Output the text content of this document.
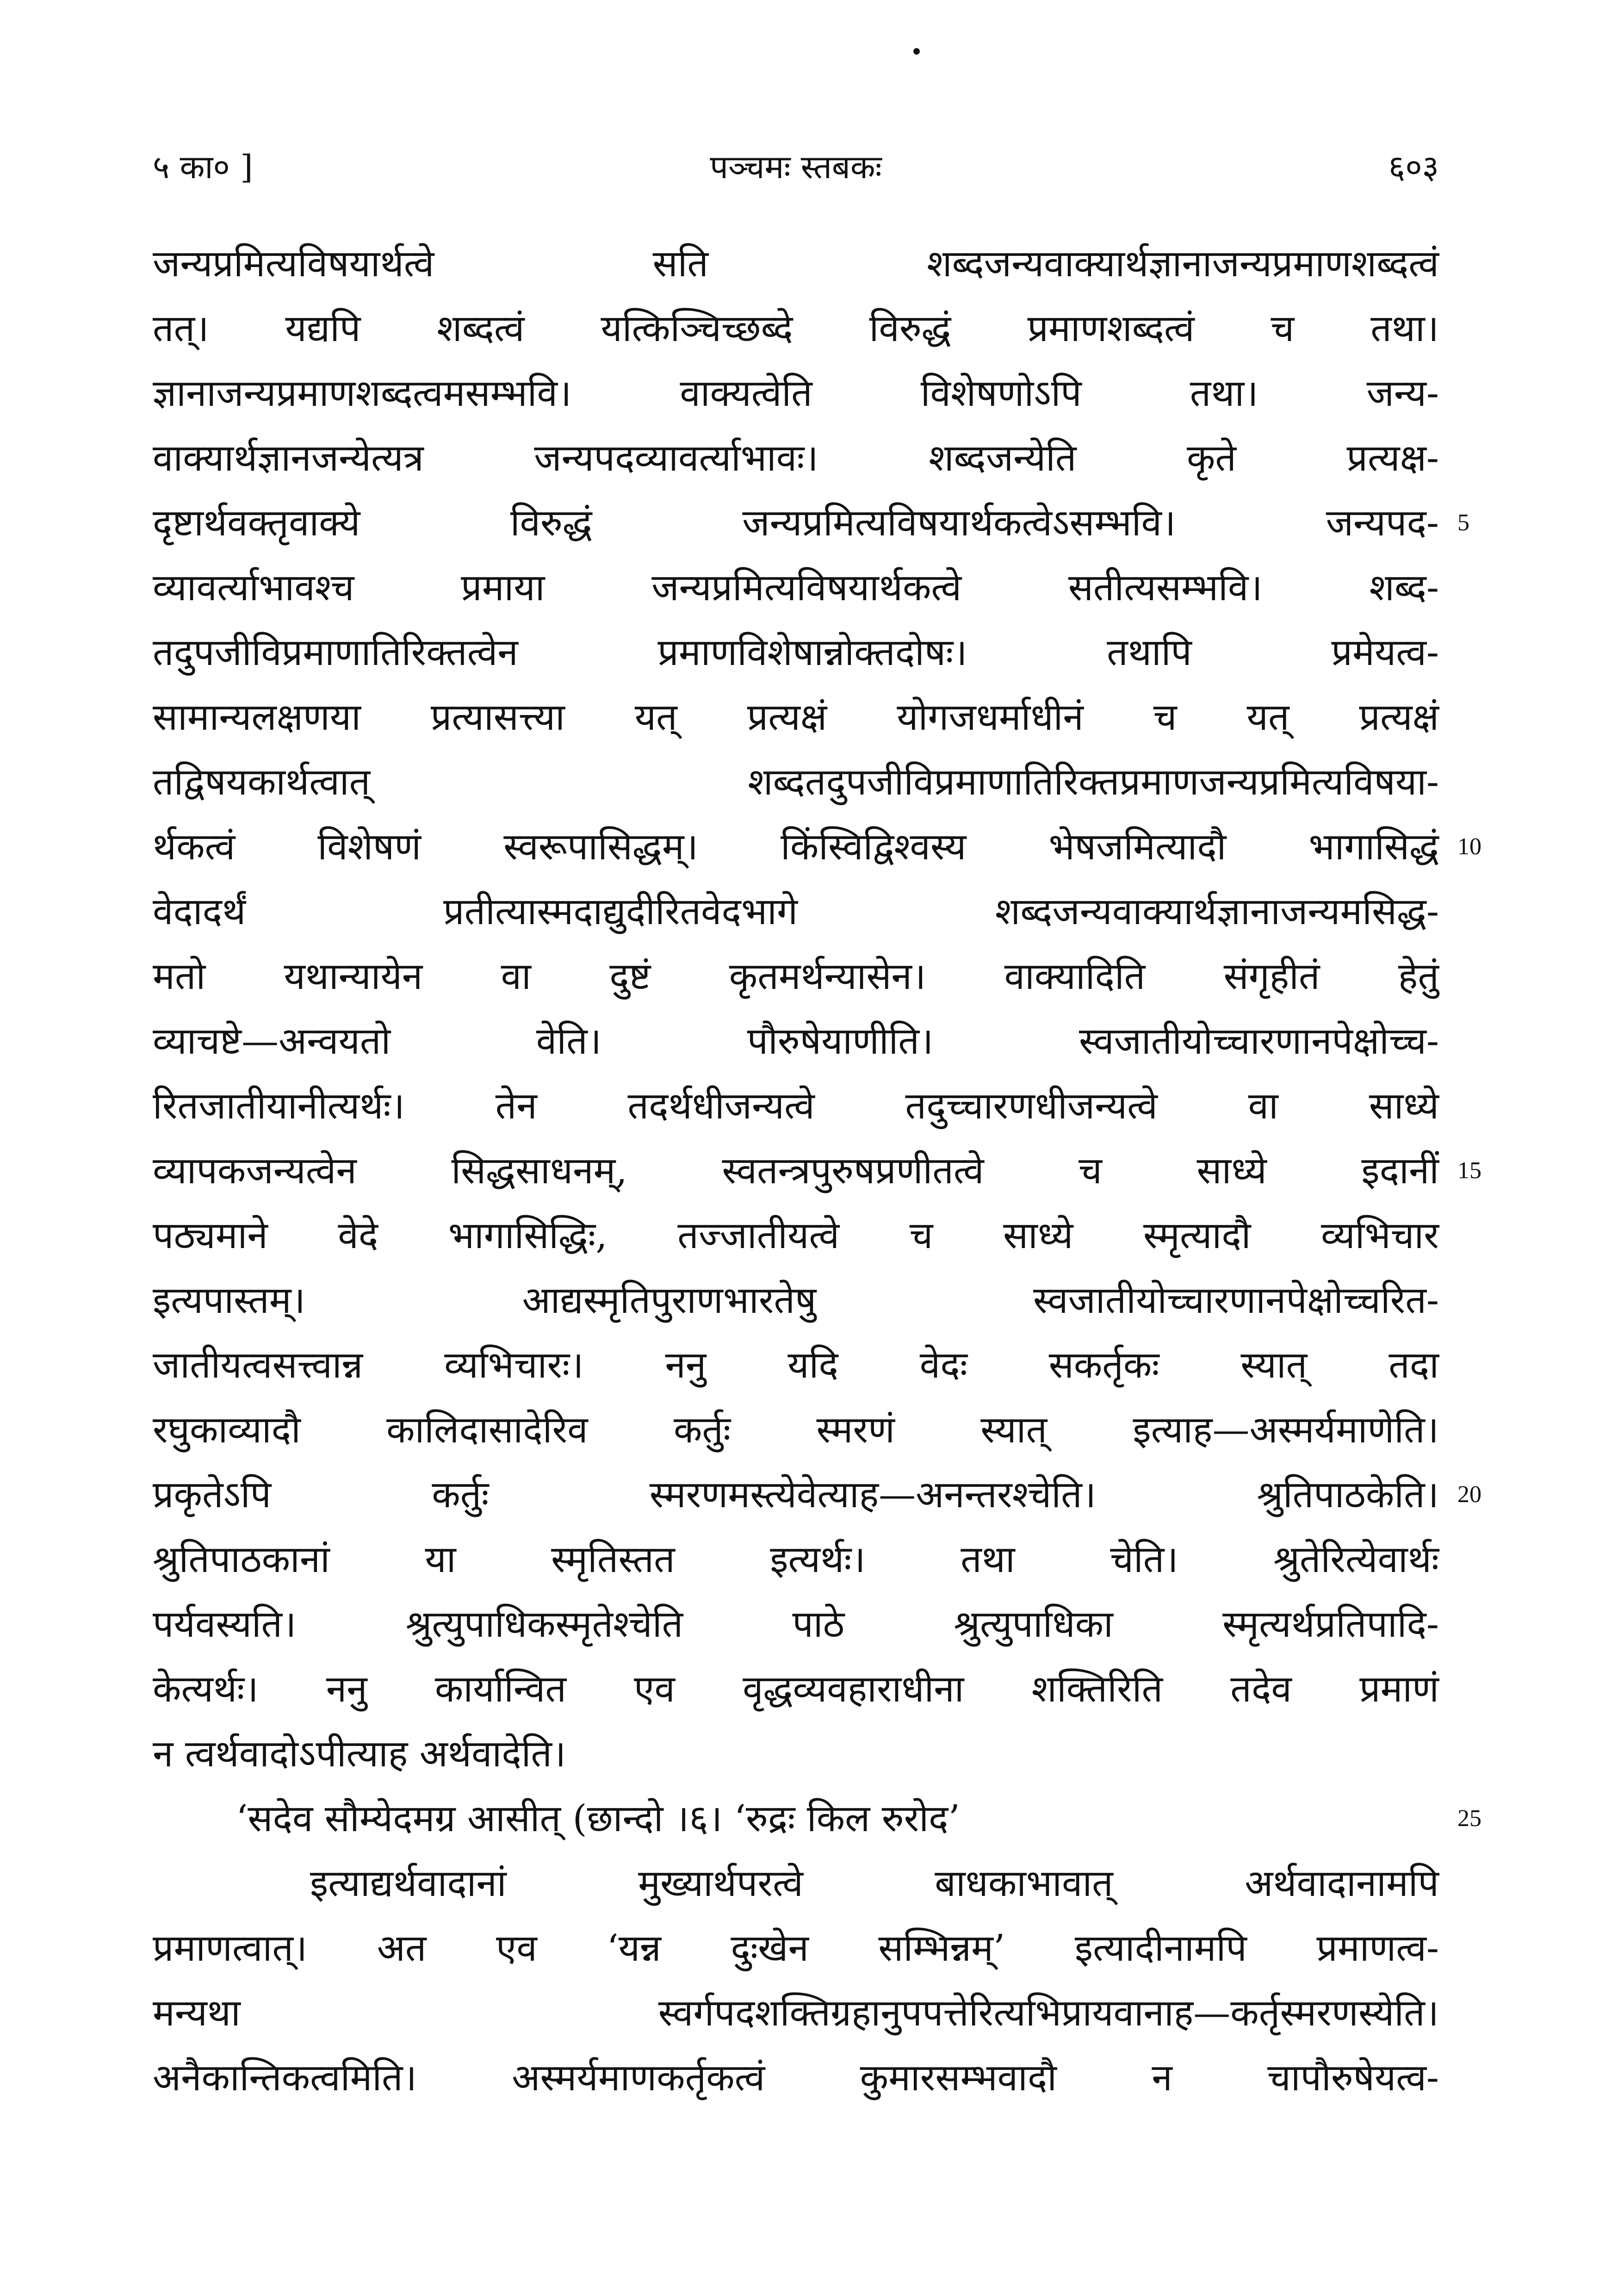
५ का० ]	पञ्चमः स्तबकः	६०३
जन्यप्रमित्यविषयार्थत्वे सति शब्दजन्यवाक्यार्थज्ञानाजन्यप्रमाणशब्दत्वं
तत्। यद्यपि शब्दत्वं यत्किञ्चिच्छब्दे विरुद्धं प्रमाणशब्दत्वं च तथा।
ज्ञानाजन्यप्रमाणशब्दत्वमसम्भवि। वाक्यत्वेति विशेषणोऽपि तथा। जन्य-
वाक्यार्थज्ञानजन्येत्यत्र जन्यपदव्यावर्त्याभावः। शब्दजन्येति कृते प्रत्यक्ष-
दृष्टार्थवक्तृवाक्ये विरुद्धं जन्यप्रमित्यविषयार्थकत्वेऽसम्भवि। जन्यपद- 5
व्यावर्त्याभावश्च प्रमाया जन्यप्रमित्यविषयार्थकत्वे सतीत्यसम्भवि। शब्द-
तदुपजीविप्रमाणातिरिक्तत्वेन प्रमाणविशेषान्नोक्तदोषः। तथापि प्रमेयत्व-
सामान्यलक्षणया प्रत्यासत्त्या यत् प्रत्यक्षं योगजधर्माधीनं च यत् प्रत्यक्षं
तद्विषयकार्थत्वात् शब्दतदुपजीविप्रमाणातिरिक्तप्रमाणजन्यप्रमित्यविषया-
र्थकत्वं विशेषणं स्वरूपासिद्धम्। किंस्विद्विश्वस्य भेषजमित्यादौ भागासिद्धं 10
वेदादर्थं प्रतीत्यास्मदाद्युदीरितवेदभागे शब्दजन्यवाक्यार्थज्ञानाजन्यमसिद्ध-
मतो यथान्यायेन वा दुष्टं कृतमर्थन्यासेन। वाक्यादिति संगृहीतं हेतुं
व्याचष्टे—अन्वयतो वेति। पौरुषेयाणीति। स्वजातीयोच्चारणानपेक्षोच्च-
रितजातीयानीत्यर्थः। तेन तदर्थधीजन्यत्वे तदुच्चारणधीजन्यत्वे वा साध्ये
व्यापकजन्यत्वेन सिद्धसाधनम्, स्वतन्त्रपुरुषप्रणीतत्वे च साध्ये इदानीं 15
पठ्यमाने वेदे भागासिद्धिः, तज्जातीयत्वे च साध्ये स्मृत्यादौ व्यभिचार
इत्यपास्तम्। आद्यस्मृतिपुराणभारतेषु स्वजातीयोच्चारणानपेक्षोच्चरित-
जातीयत्वसत्त्वान्न व्यभिचारः। ननु यदि वेदः सकर्तृकः स्यात् तदा
रघुकाव्यादौ कालिदासादेरिव कर्तुः स्मरणं स्यात् इत्याह—अस्मर्यमाणेति।
प्रकृतेऽपि कर्तुः स्मरणमस्त्येवेत्याह—अनन्तरश्चेति। श्रुतिपाठकेति। 20
श्रुतिपाठकानां या स्मृतिस्तत इत्यर्थः। तथा चेति। श्रुतेरित्येवार्थः
पर्यवस्यति। श्रुत्युपाधिकस्मृतेश्चेति पाठे श्रुत्युपाधिका स्मृत्यर्थप्रतिपादि-
केत्यर्थः। ननु कार्यान्वित एव वृद्धव्यवहाराधीना शक्तिरिति तदेव प्रमाणं
न त्वर्थवादोऽपीत्याह अर्थवादेति।
‘सदेव सौम्येदमग्र आसीत् (छान्दो ।६। ‘रुद्रः किल रुरोद’	25
इत्याद्यर्थवादानां मुख्यार्थपरत्वे बाधकाभावात् अर्थवादानामपि
प्रमाणत्वात्। अत एव ‘यन्न दुःखेन सम्भिन्नम्’ इत्यादीनामपि प्रमाणत्व-
मन्यथा स्वर्गपदशक्तिग्रहानुपपत्तेरित्यभिप्रायवानाह—कर्तृस्मरणस्येति।
अनैकान्तिकत्वमिति। अस्मर्यमाणकर्तृकत्वं कुमारसम्भवादौ न चापौरुषेयत्व-
